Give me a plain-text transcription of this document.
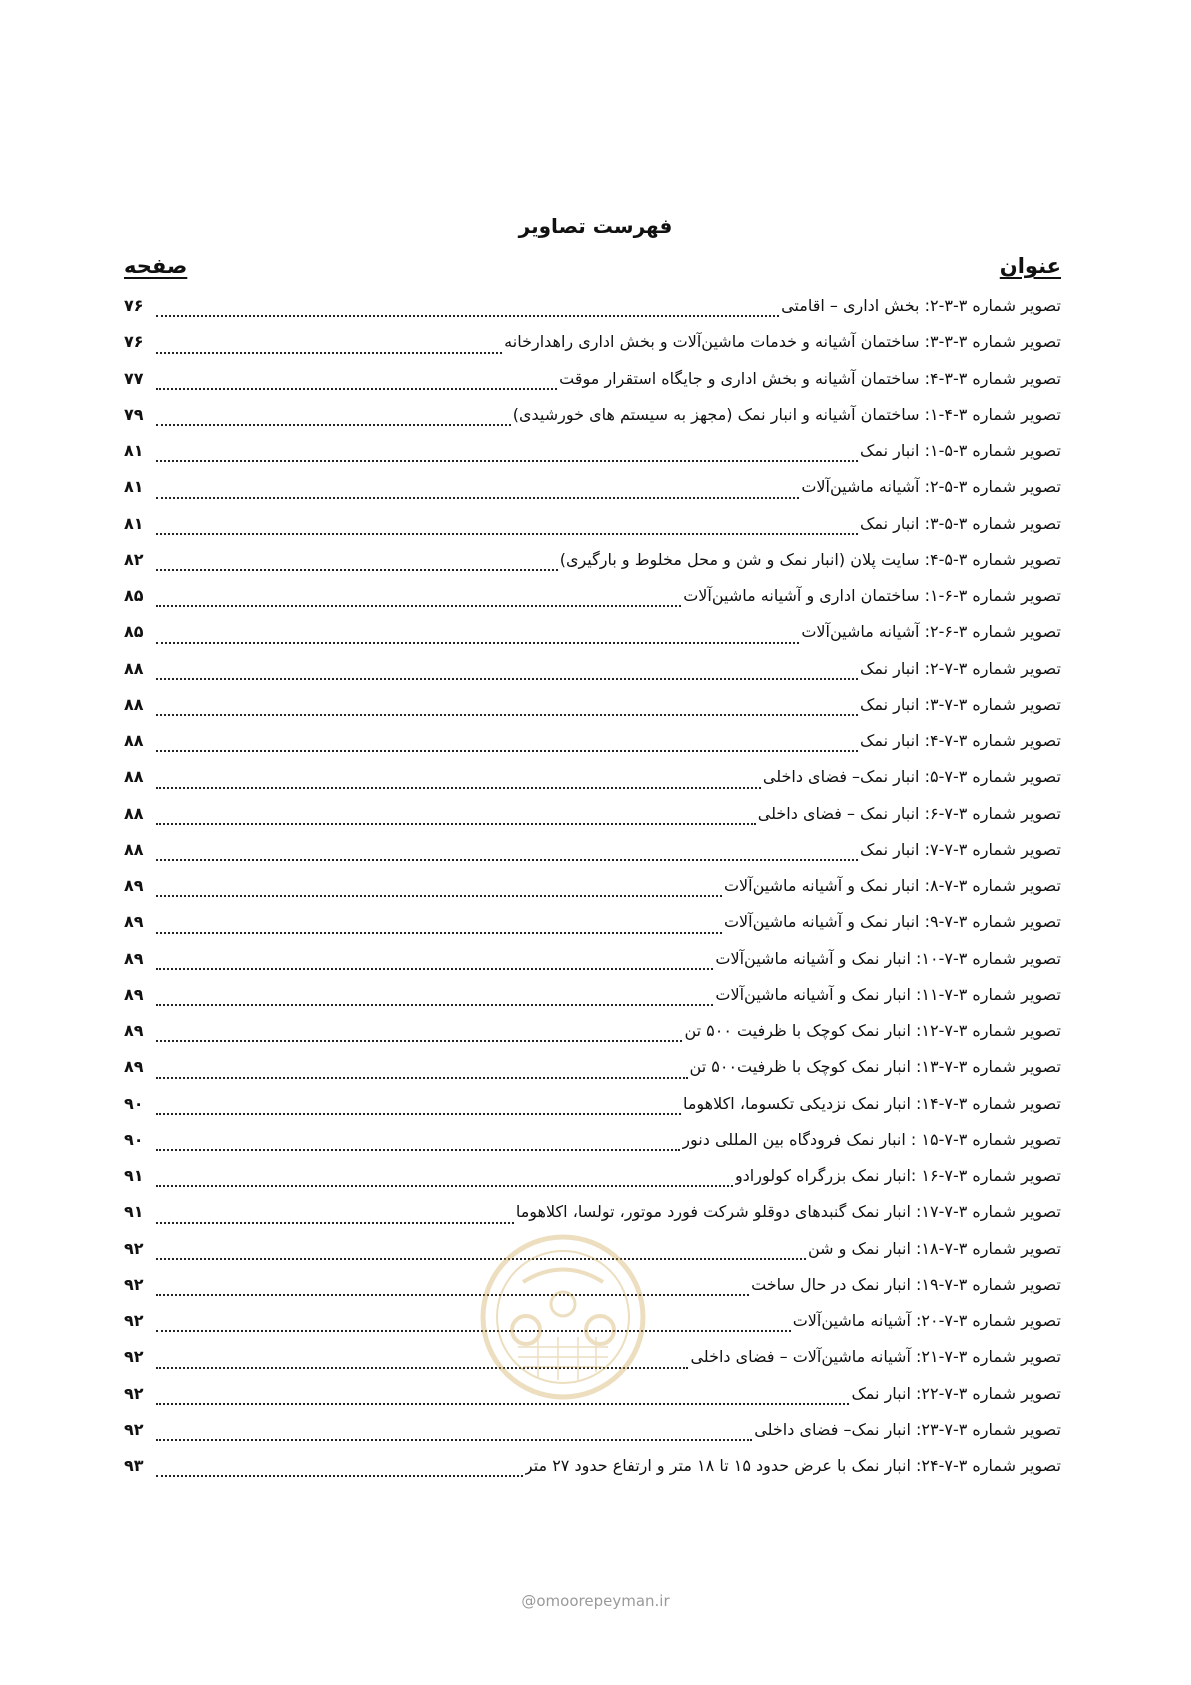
فهرست تصاویر
عنوان
صفحه
تصویر شماره ۳-۳-۲: بخش اداری – اقامتی
۷۶
تصویر شماره ۳-۳-۳: ساختمان آشیانه و خدمات ماشین‌آلات و بخش اداری راهدارخانه
۷۶
تصویر شماره ۳-۳-۴: ساختمان آشیانه و بخش اداری و جایگاه استقرار موقت
۷۷
تصویر شماره ۳-۴-۱: ساختمان آشیانه و انبار نمک (مجهز به سیستم های خورشیدی)
۷۹
تصویر شماره ۳-۵-۱: انبار نمک
۸۱
تصویر شماره ۳-۵-۲: آشیانه ماشین‌آلات
۸۱
تصویر شماره ۳-۵-۳: انبار نمک
۸۱
تصویر شماره ۳-۵-۴: سایت پلان (انبار نمک و شن و محل مخلوط و بارگیری)
۸۲
تصویر شماره ۳-۶-۱: ساختمان اداری و آشیانه ماشین‌آلات
۸۵
تصویر شماره ۳-۶-۲: آشیانه ماشین‌آلات
۸۵
تصویر شماره ۳-۷-۲: انبار نمک
۸۸
تصویر شماره ۳-۷-۳: انبار نمک
۸۸
تصویر شماره ۳-۷-۴: انبار نمک
۸۸
تصویر شماره ۳-۷-۵: انبار نمک– فضای داخلی
۸۸
تصویر شماره ۳-۷-۶: انبار نمک – فضای داخلی
۸۸
تصویر شماره ۳-۷-۷: انبار نمک
۸۸
تصویر شماره ۳-۷-۸: انبار نمک و آشیانه ماشین‌آلات
۸۹
تصویر شماره ۳-۷-۹: انبار نمک و آشیانه ماشین‌آلات
۸۹
تصویر شماره ۳-۷-۱۰: انبار نمک و آشیانه ماشین‌آلات
۸۹
تصویر شماره ۳-۷-۱۱: انبار نمک و آشیانه ماشین‌آلات
۸۹
تصویر شماره ۳-۷-۱۲: انبار نمک کوچک با ظرفیت ۵۰۰ تن
۸۹
تصویر شماره ۳-۷-۱۳: انبار نمک کوچک با ظرفیت۵۰۰ تن
۸۹
تصویر شماره ۳-۷-۱۴: انبار نمک نزدیکی تکسوما، اکلاهوما
۹۰
تصویر شماره ۳-۷-۱۵ : انبار نمک فرودگاه بین المللی دنور
۹۰
تصویر شماره ۳-۷-۱۶ :انبار نمک بزرگراه کولورادو
۹۱
تصویر شماره ۳-۷-۱۷: انبار نمک گنبدهای دوقلو شرکت فورد موتور، تولسا، اکلاهوما
۹۱
تصویر شماره ۳-۷-۱۸: انبار نمک و شن
۹۲
تصویر شماره ۳-۷-۱۹: انبار نمک در حال ساخت
۹۲
تصویر شماره ۳-۷-۲۰: آشیانه ماشین‌آلات
۹۲
تصویر شماره ۳-۷-۲۱: آشیانه ماشین‌آلات – فضای داخلی
۹۲
تصویر شماره ۳-۷-۲۲: انبار نمک
۹۲
تصویر شماره ۳-۷-۲۳: انبار نمک– فضای داخلی
۹۲
تصویر شماره ۳-۷-۲۴: انبار نمک با عرض حدود ۱۵ تا ۱۸ متر و ارتفاع حدود ۲۷ متر
۹۳
@omoorepeyman.ir
